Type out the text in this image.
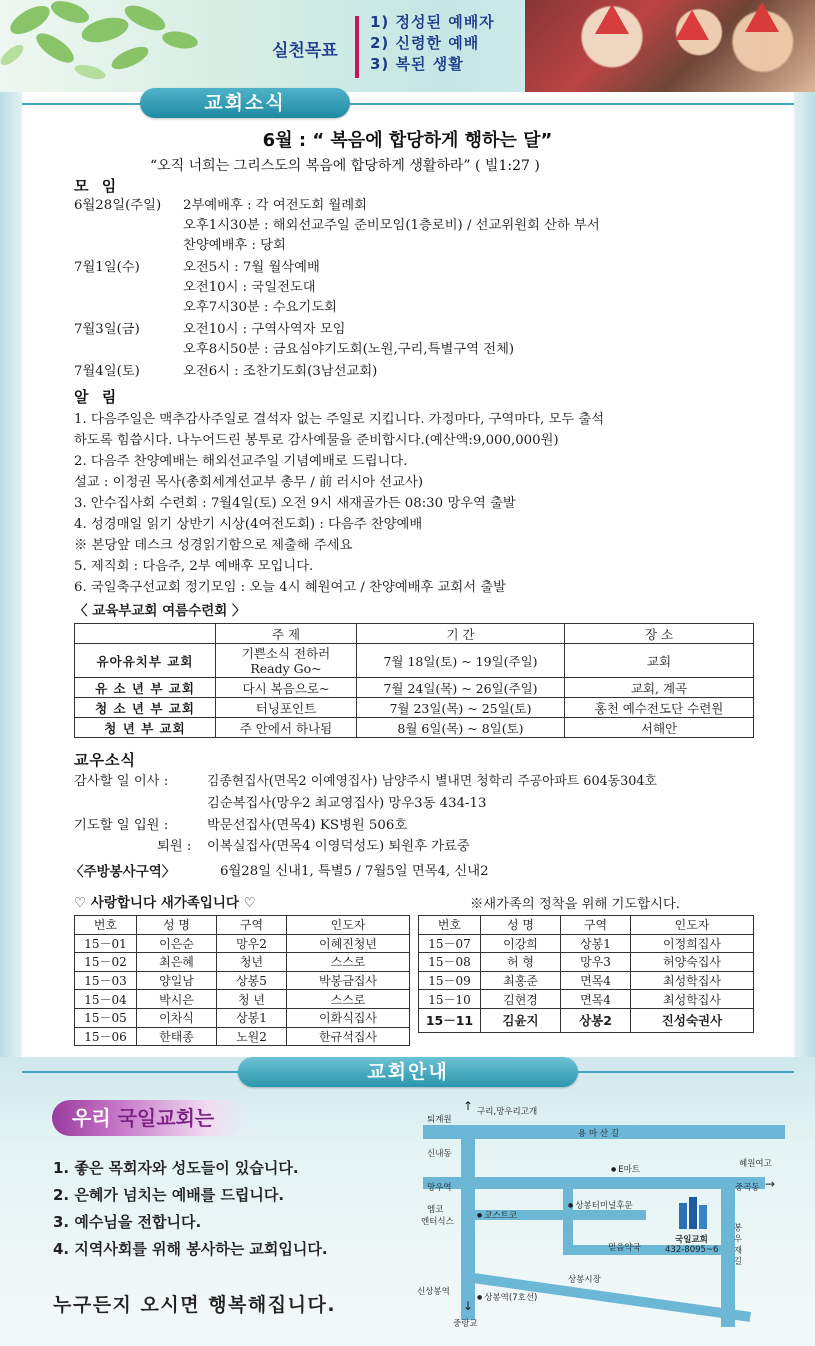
실천목표
1) 정성된 예배자
2) 신령한 예배
3) 복된 생활
교회소식
6월 : “ 복음에 합당하게 행하는 달”
“오직 너희는 그리스도의 복음에 합당하게 생활하라” ( 빌1:27 )
모 임
6월28일(주일) 2부예배후 : 각 여전도회 월례회
오후1시30분 : 해외선교주일 준비모임(1층로비) / 선교위원회 산하 부서
찬양예배후 : 당회
7월1일(수)	오전5시 : 7월 월삭예배
오전10시 : 국일전도대
오후7시30분 : 수요기도회
7월3일(금)	오전10시 : 구역사역자 모임
오후8시50분 : 금요심야기도회(노원,구리,특별구역 전체)
7월4일(토)	오전6시 : 조찬기도회(3남선교회)
알 림
1. 다음주일은 맥추감사주일로 결석자 없는 주일로 지킵니다. 가정마다, 구역마다, 모두 출석
하도록 힘씁시다. 나누어드린 봉투로 감사예물을 준비합시다.(예산액:9,000,000원)
2. 다음주 찬양예배는 해외선교주일 기념예배로 드립니다.
설교 : 이정권 목사(총회세계선교부 총무 / 前 러시아 선교사)
3. 안수집사회 수련회 : 7월4일(토) 오전 9시 새재골가든 08:30 망우역 출발
4. 성경매일 읽기 상반기 시상(4여전도회) : 다음주 찬양예배
※ 본당앞 데스크 성경읽기함으로 제출해 주세요
5. 제직회 : 다음주, 2부 예배후 모입니다.
6. 국일축구선교회 정기모임 : 오늘 4시 혜원여고 / 찬양예배후 교회서 출발
〈 교육부교회 여름수련회 〉
	주 제	기 간	장 소
유아유치부 교회	기쁜소식 전하러
Ready Go~	7월 18일(토) ~ 19일(주일)	교회
유 소 년 부 교회	다시 복음으로~	7월 24일(목) ~ 26일(주일)	교회, 계곡
청 소 년 부 교회	터닝포인트	7월 23일(목) ~ 25일(토)	홍천 예수전도단 수련원
청 년 부 교회	주 안에서 하나됨	8월 6일(목) ~ 8일(토)	서해안
교우소식
감사할 일 이사 :	김종현집사(면목2 이예영집사) 남양주시 별내면 청학리 주공아파트 604동304호
김순복집사(망우2 최교영집사) 망우3동 434-13
기도할 일 입원 :	박문선집사(면목4) KS병원 506호
퇴원 : 이복실집사(면목4 이영덕성도) 퇴원후 가료중
〈주방봉사구역〉	6월28일 신내1, 특별5 / 7월5일 면목4, 신내2
♡ 사랑합니다 새가족입니다 ♡	※새가족의 정착을 위해 기도합시다.
번호	성 명	구역	인도자
15－01	이은순	망우2	이혜진청년
15－02	최은혜	청년	스스로
15－03	양일남	상봉5	박봉금집사
15－04	박시은	청 년	스스로
15－05	이차식	상봉1	이화식집사
15－06	한태종	노원2	한규석집사
번호	성 명	구역	인도자
15－07	이강희	상봉1	이정희집사
15－08	허 형	망우3	허양숙집사
15－09	최홍준	면목4	최성학집사
15－10	김현경	면목4	최성학집사
15－11	김윤지	상봉2	진성숙권사
교회안내
우리 국일교회는
1. 좋은 목회자와 성도들이 있습니다.
2. 은혜가 넘치는 예배를 드립니다.
3. 예수님을 전합니다.
4. 지역사회를 위해 봉사하는 교회입니다.
누구든지 오시면 행복해집니다.
구리,망우리고개
↑
퇴계원
용 마 산 길
신내동
● E마트
혜원여고
망우역	중곡동 →
엠코
엔터식스
● 코스트코
● 상봉터미널후문
국일교회
432-8095~6
믿음약국	봉 우 재 길
상봉시장
신상봉역
● 상봉역(7호선)
↓
중랑교
